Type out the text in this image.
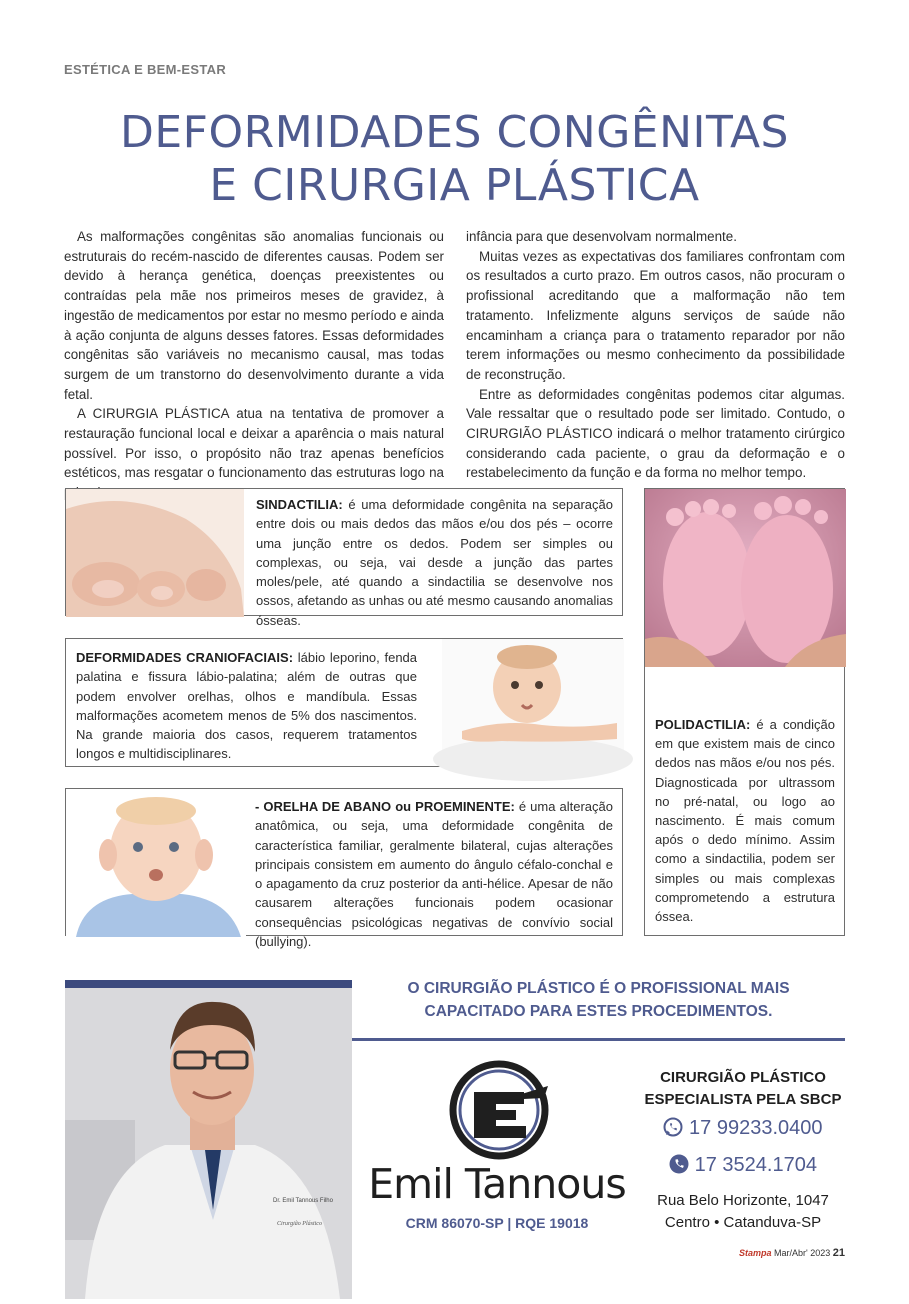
ESTÉTICA E BEM-ESTAR
DEFORMIDADES CONGÊNITAS
E CIRURGIA PLÁSTICA

As malformações congênitas são anomalias funcionais ou estruturais do recém-nascido de diferentes causas. Podem ser devido à herança genética, doenças preexistentes ou contraídas pela mãe nos primeiros meses de gravidez, à ingestão de medicamentos por estar no mesmo período e ainda à ação conjunta de alguns desses fatores. Essas deformidades congênitas são variáveis no mecanismo causal, mas todas surgem de um transtorno do desenvolvimento durante a vida fetal.

A CIRURGIA PLÁSTICA atua na tentativa de promover a restauração funcional local e deixar a aparência o mais natural possível. Por isso, o propósito não traz apenas benefícios estéticos, mas resgatar o funcionamento das estruturas logo na

infância para que desenvolvam normalmente.

Muitas vezes as expectativas dos familiares confrontam com os resultados a curto prazo. Em outros casos, não procuram o profissional acreditando que a malformação não tem tratamento. Infelizmente alguns serviços de saúde não encaminham a criança para o tratamento reparador por não terem informações ou mesmo conhecimento da possibilidade de reconstrução.

Entre as deformidades congênitas podemos citar algumas. Vale ressaltar que o resultado pode ser limitado. Contudo, o CIRURGIÃO PLÁSTICO indicará o melhor tratamento cirúrgico considerando cada paciente, o grau da deformação e o restabelecimento da função e da forma no melhor tempo.

SINDACTILIA: é uma deformidade congênita na separação entre dois ou mais dedos das mãos e/ou dos pés – ocorre uma junção entre os dedos. Podem ser simples ou complexas, ou seja, vai desde a junção das partes moles/pele, até quando a sindactilia se desenvolve nos ossos, afetando as unhas ou até mesmo causando anomalias ósseas.
POLIDACTILIA: é a condição em que existem mais de cinco dedos nas mãos e/ou nos pés. Diagnosticada por ultrassom no pré-natal, ou logo ao nascimento. É mais comum após o dedo mínimo. Assim como a sindactilia, podem ser simples ou mais complexas comprometendo a estrutura óssea.
DEFORMIDADES CRANIOFACIAIS: lábio leporino, fenda palatina e fissura lábio-palatina; além de outras que podem envolver orelhas, olhos e mandíbula. Essas malformações acometem menos de 5% dos nascimentos. Na grande maioria dos casos, requerem tratamentos longos e multidisciplinares.
- ORELHA DE ABANO ou PROEMINENTE: é uma alteração anatômica, ou seja, uma deformidade congênita de característica familiar, geralmente bilateral, cujas alterações principais consistem em aumento do ângulo céfalo-conchal e o apagamento da cruz posterior da anti-hélice. Apesar de não causarem alterações funcionais podem ocasionar consequências psicológicas negativas de convívio social (bullying).
Dr. Emil Tannous Filho
Cirurgião Plástico
O CIRURGIÃO PLÁSTICO É O PROFISSIONAL MAIS
CAPACITADO PARA ESTES PROCEDIMENTOS.
Emil Tannous
CRM 86070-SP | RQE 19018
CIRURGIÃO PLÁSTICO
ESPECIALISTA PELA SBCP
17 99233.0400
17 3524.1704
Rua Belo Horizonte, 1047
Centro • Catanduva-SP
Stampa Mar/Abr' 2023 21
